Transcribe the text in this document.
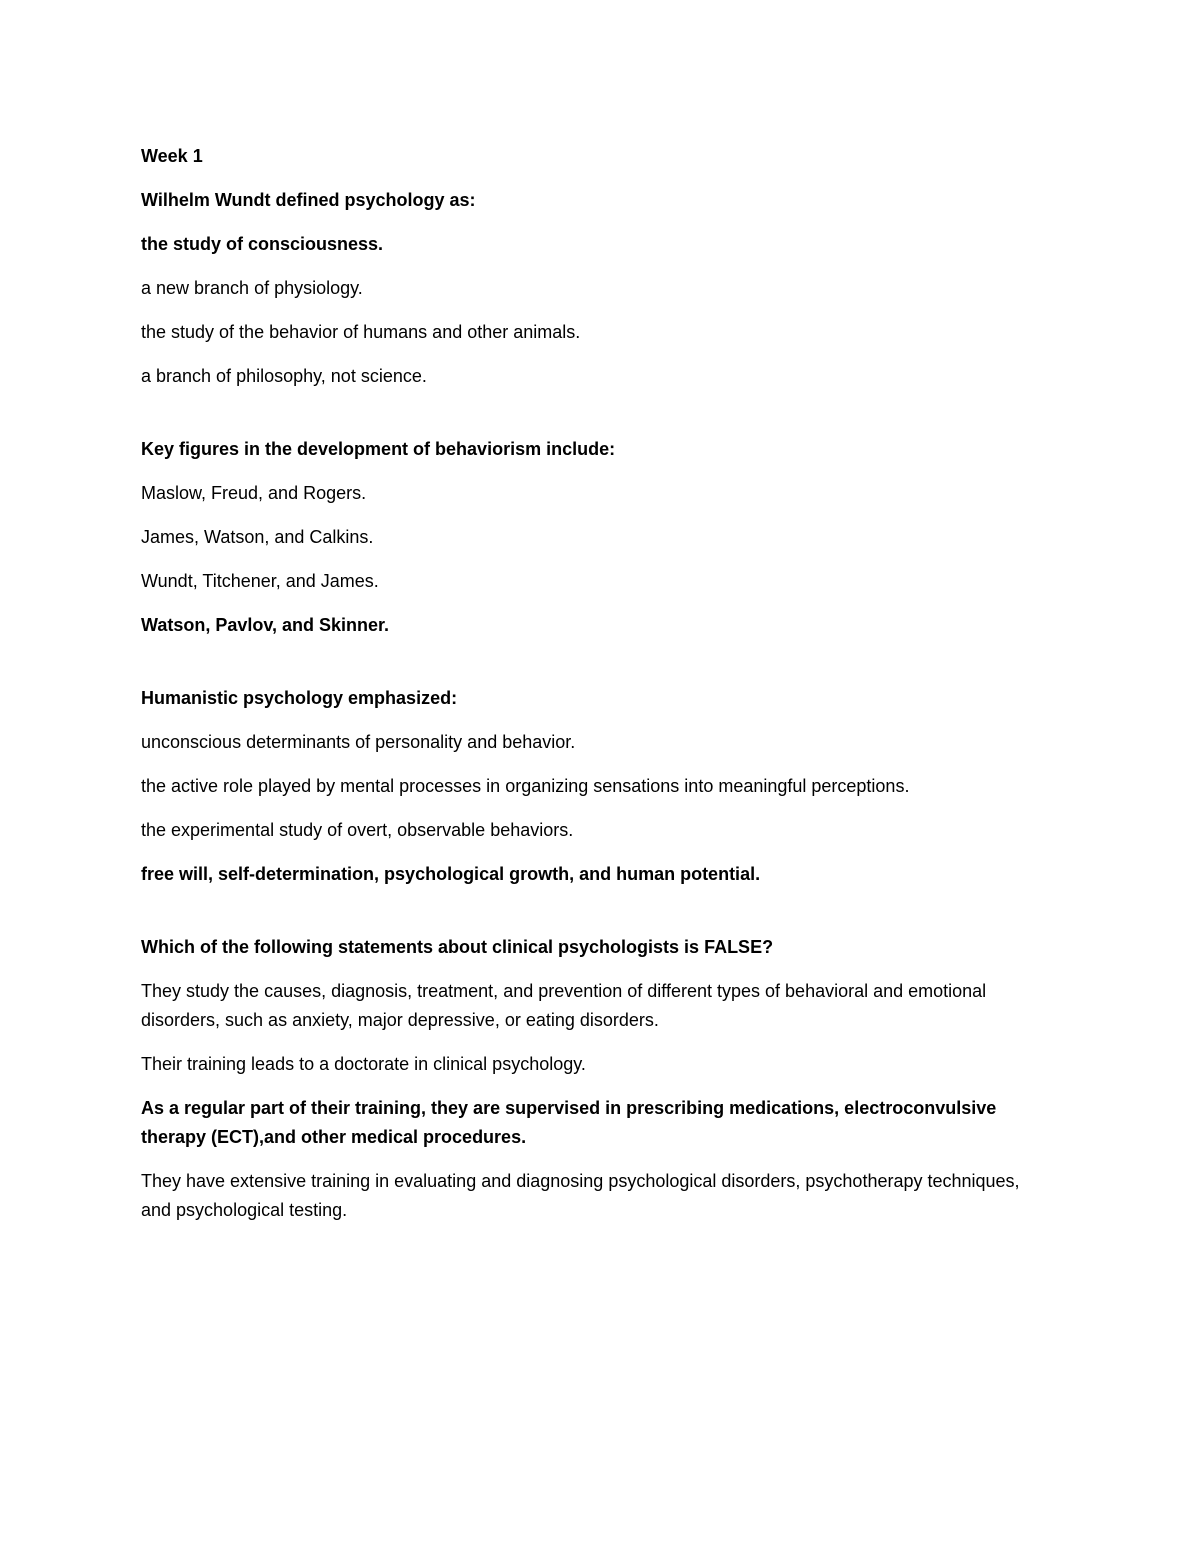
Week 1
Wilhelm Wundt defined psychology as:
the study of consciousness.
a new branch of physiology.
the study of the behavior of humans and other animals.
a branch of philosophy, not science.
Key figures in the development of behaviorism include:
Maslow, Freud, and Rogers.
James, Watson, and Calkins.
Wundt, Titchener, and James.
Watson, Pavlov, and Skinner.
Humanistic psychology emphasized:
unconscious determinants of personality and behavior.
the active role played by mental processes in organizing sensations into meaningful perceptions.
the experimental study of overt, observable behaviors.
free will, self-determination, psychological growth, and human potential.
Which of the following statements about clinical psychologists is FALSE?
They study the causes, diagnosis, treatment, and prevention of different types of behavioral and emotional disorders, such as anxiety, major depressive, or eating disorders.
Their training leads to a doctorate in clinical psychology.
As a regular part of their training, they are supervised in prescribing medications, electroconvulsive therapy (ECT),and other medical procedures.
They have extensive training in evaluating and diagnosing psychological disorders, psychotherapy techniques, and psychological testing.
